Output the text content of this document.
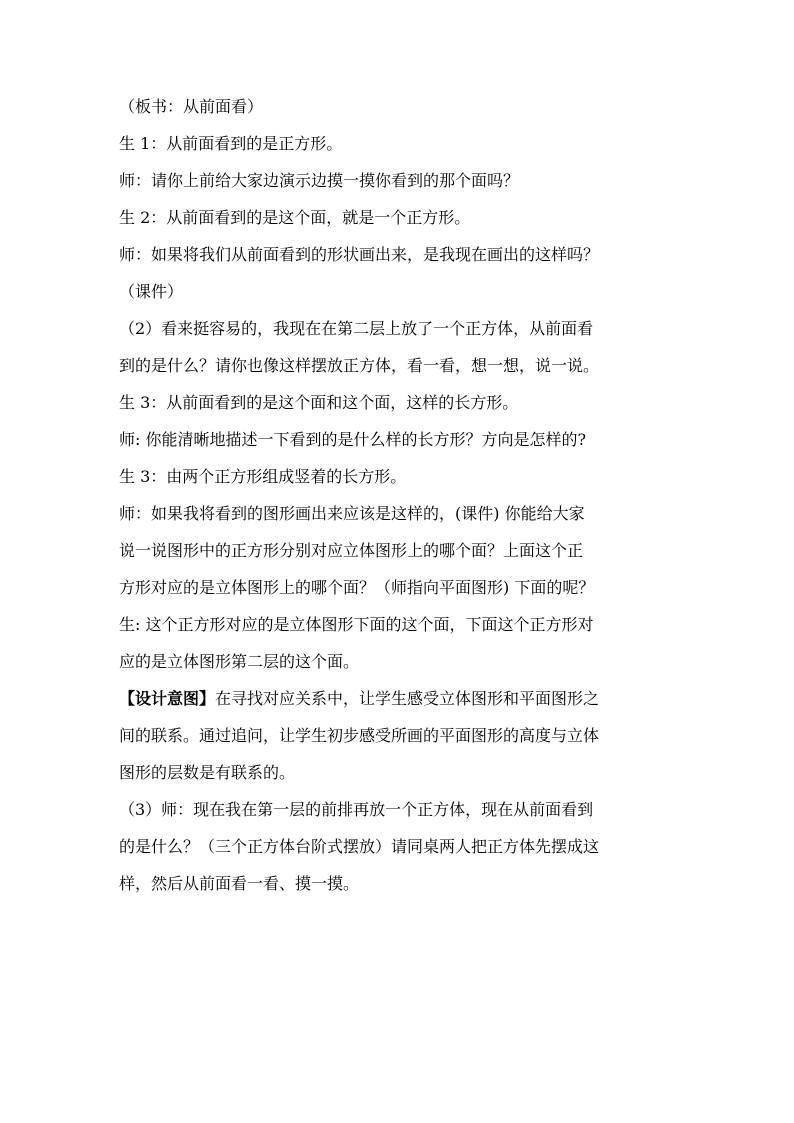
（板书：从前面看）
生 1：从前面看到的是正方形。
师：请你上前给大家边演示边摸一摸你看到的那个面吗？
生 2：从前面看到的是这个面，就是一个正方形。
师：如果将我们从前面看到的形状画出来，是我现在画出的这样吗？
（课件）
（2）看来挺容易的，我现在在第二层上放了一个正方体，从前面看
到的是什么？请你也像这样摆放正方体，看一看，想一想，说一说。
生 3：从前面看到的是这个面和这个面，这样的长方形。
师: 你能清晰地描述一下看到的是什么样的长方形？方向是怎样的?
生 3：由两个正方形组成竖着的长方形。
师：如果我将看到的图形画出来应该是这样的，(课件) 你能给大家
说一说图形中的正方形分别对应立体图形上的哪个面？上面这个正
方形对应的是立体图形上的哪个面？（师指向平面图形) 下面的呢？
生: 这个正方形对应的是立体图形下面的这个面，下面这个正方形对
应的是立体图形第二层的这个面。
【设计意图】在寻找对应关系中，让学生感受立体图形和平面图形之
间的联系。通过追问，让学生初步感受所画的平面图形的高度与立体
图形的层数是有联系的。
（3）师：现在我在第一层的前排再放一个正方体，现在从前面看到
的是什么？（三个正方体台阶式摆放）请同桌两人把正方体先摆成这
样，然后从前面看一看、摸一摸。
